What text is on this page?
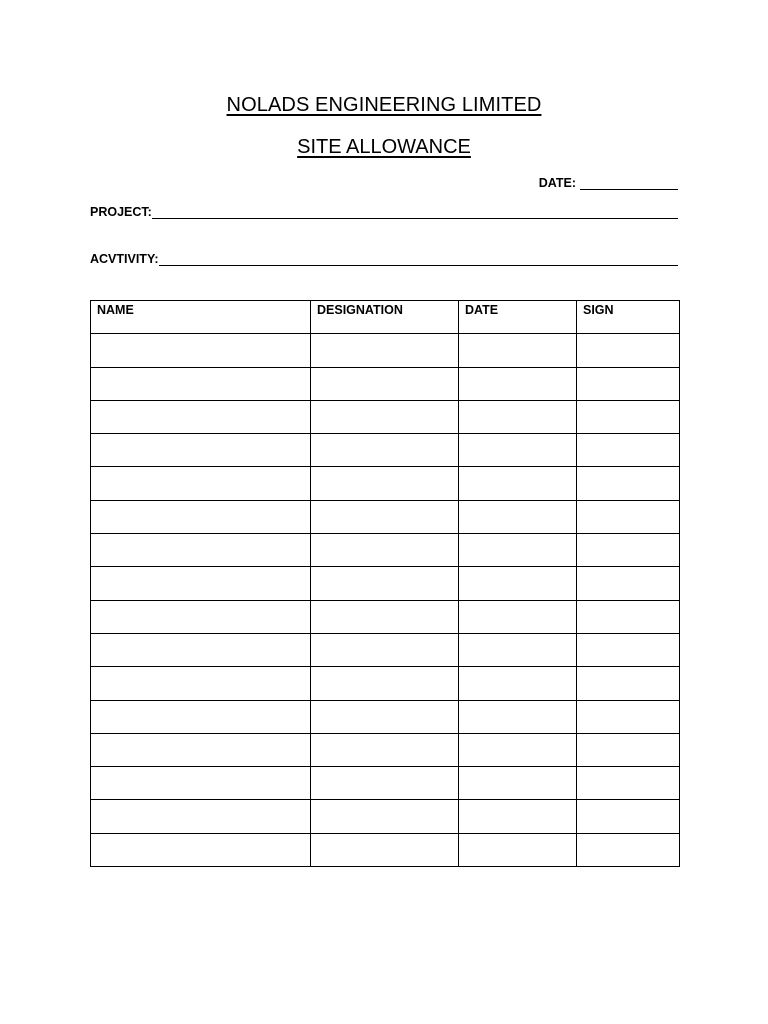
NOLADS ENGINEERING LIMITED
SITE ALLOWANCE
DATE:
PROJECT:
ACVTIVITY:
NAME	DESIGNATION	DATE	SIGN
